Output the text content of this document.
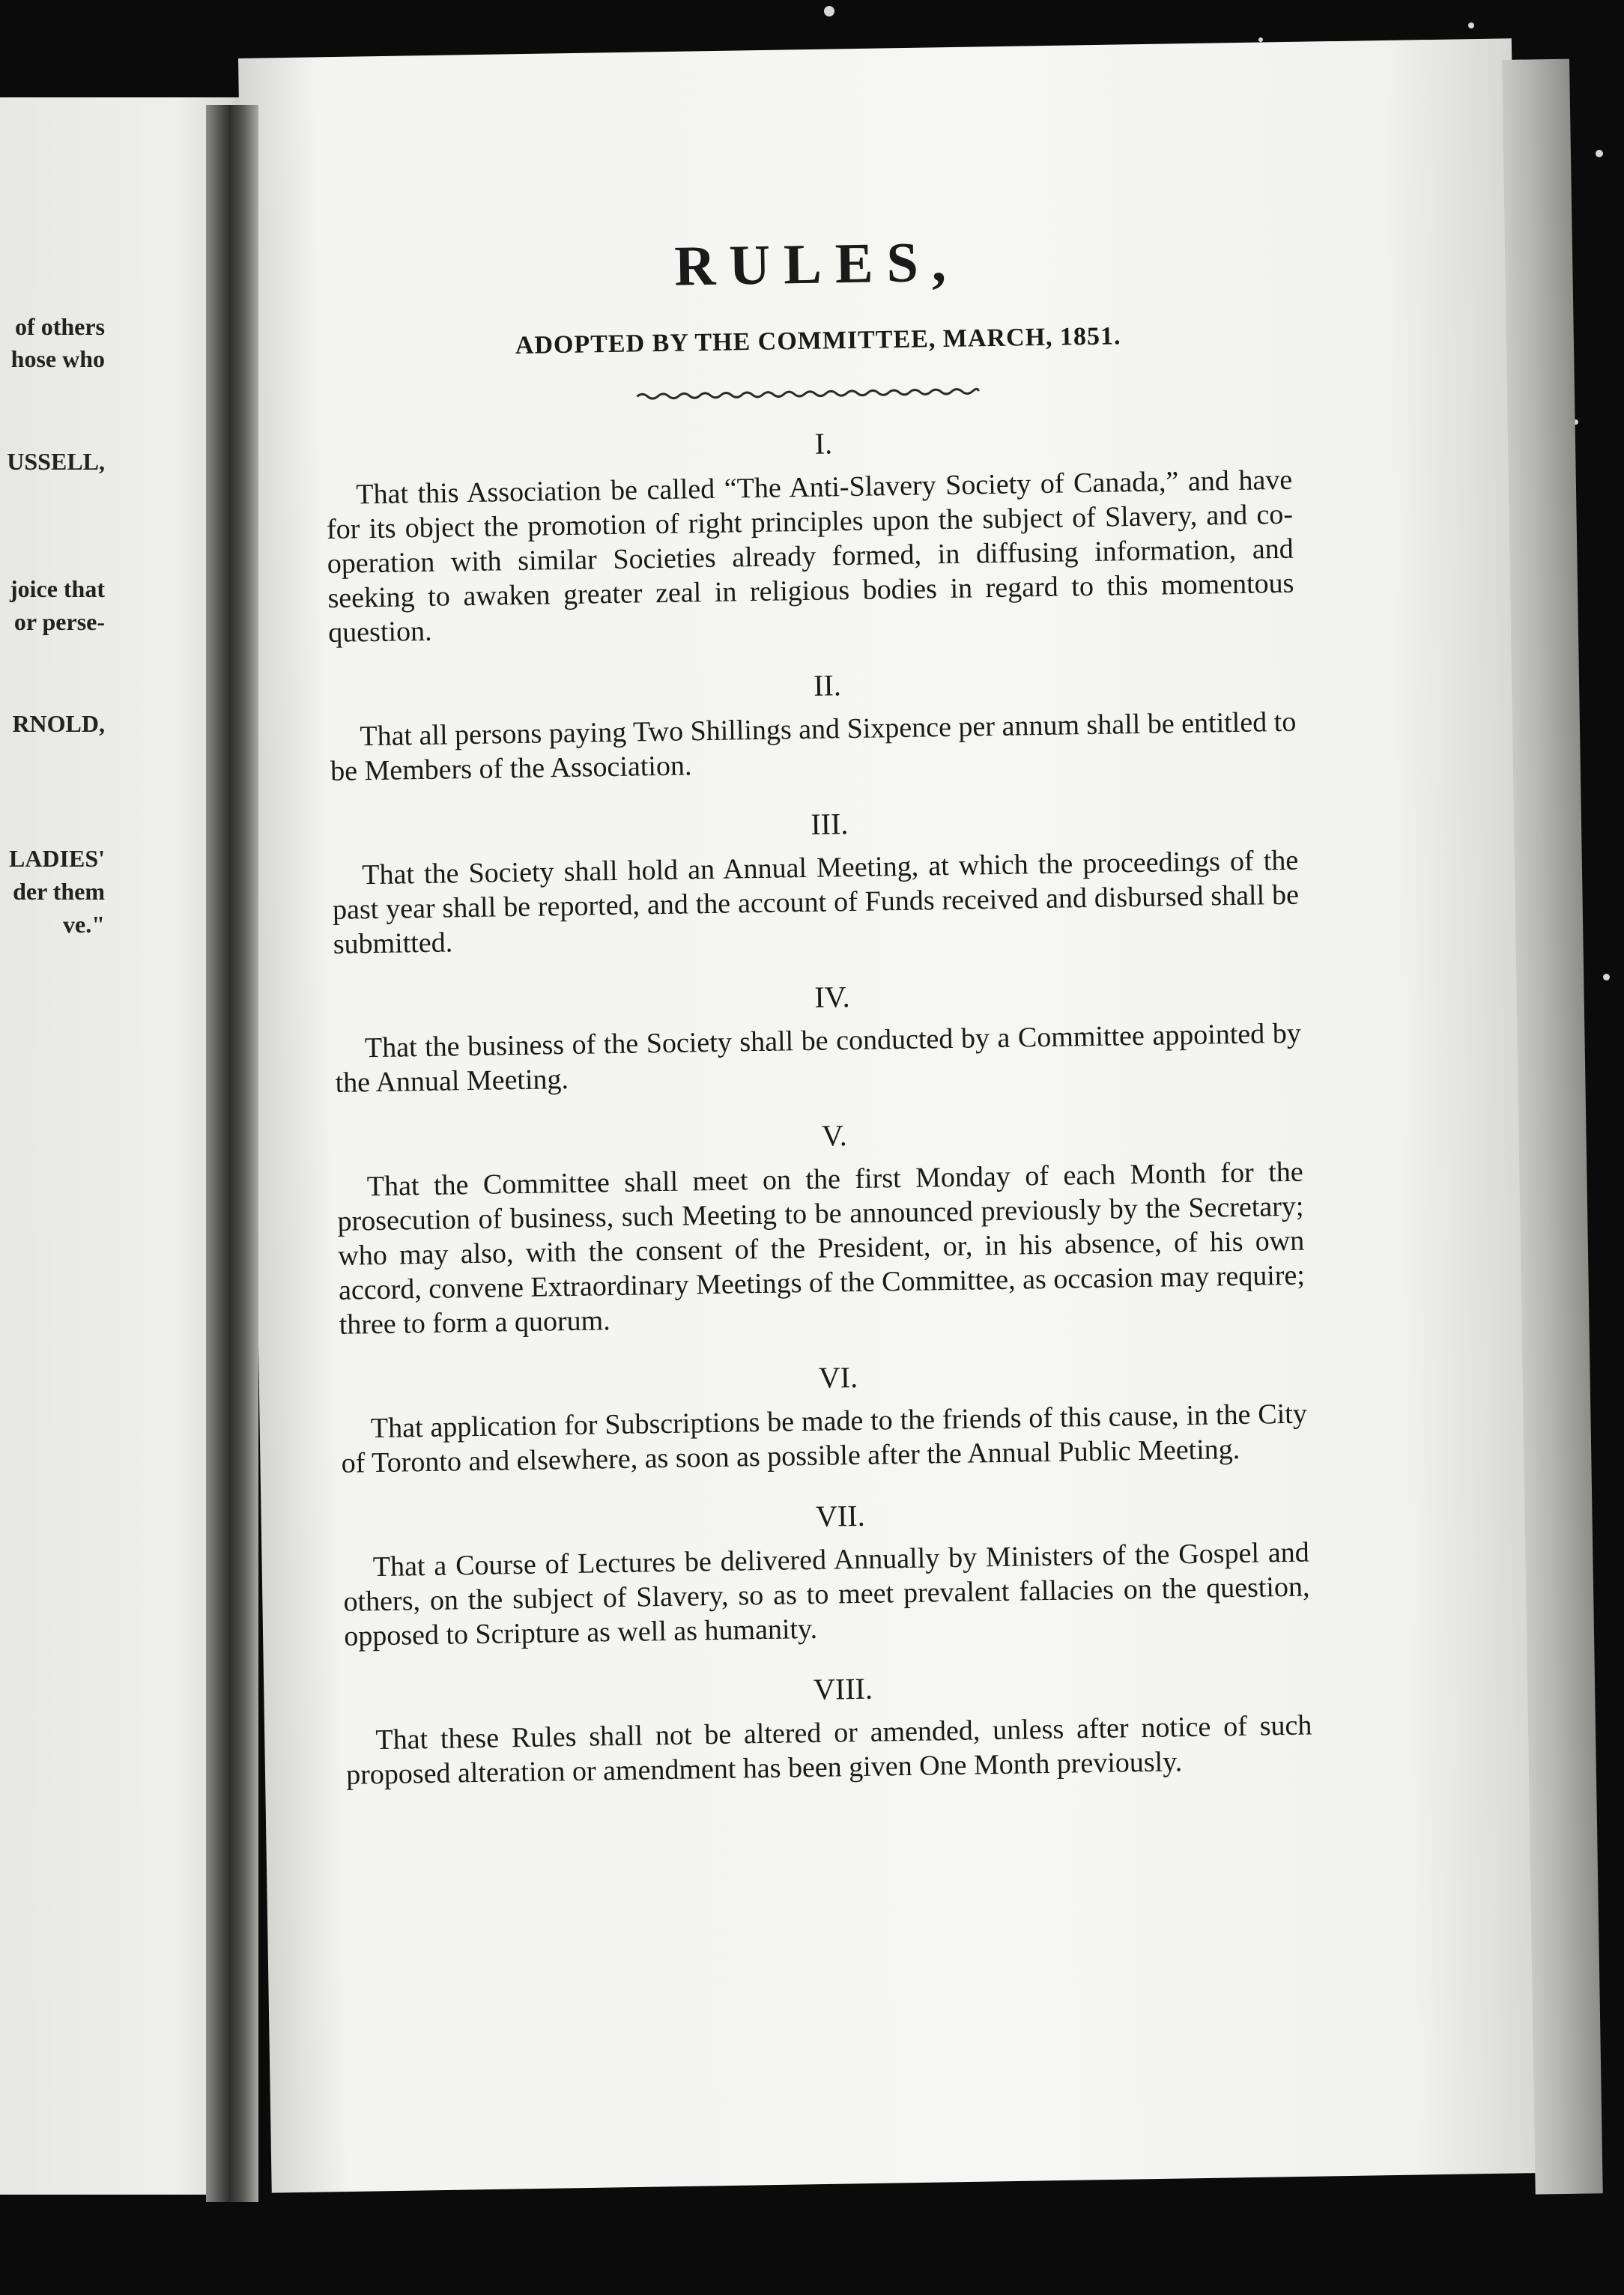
of others
hose who
USSELL,
joice that
or perse-
RNOLD,
LADIES'
der them
ve."
RULES,
ADOPTED BY THE COMMITTEE, MARCH, 1851.
I.

That this Association be called “The Anti-Slavery Society of Canada,” and have for its object the promotion of right principles upon the subject of Slavery, and co-operation with similar Societies already formed, in diffusing information, and seeking to awaken greater zeal in religious bodies in regard to this momentous question.

II.

That all persons paying Two Shillings and Sixpence per annum shall be entitled to be Members of the Association.

III.

That the Society shall hold an Annual Meeting, at which the proceedings of the past year shall be reported, and the account of Funds received and disbursed shall be submitted.

IV.

That the business of the Society shall be conducted by a Committee appointed by the Annual Meeting.

V.

That the Committee shall meet on the first Monday of each Month for the prosecution of business, such Meeting to be announced previously by the Secretary; who may also, with the consent of the President, or, in his absence, of his own accord, convene Extraordinary Meetings of the Committee, as occasion may require; three to form a quorum.

VI.

That application for Subscriptions be made to the friends of this cause, in the City of Toronto and elsewhere, as soon as possible after the Annual Public Meeting.

VII.

That a Course of Lectures be delivered Annually by Ministers of the Gospel and others, on the subject of Slavery, so as to meet prevalent fallacies on the question, opposed to Scripture as well as humanity.

VIII.

That these Rules shall not be altered or amended, unless after notice of such proposed alteration or amendment has been given One Month previously.
